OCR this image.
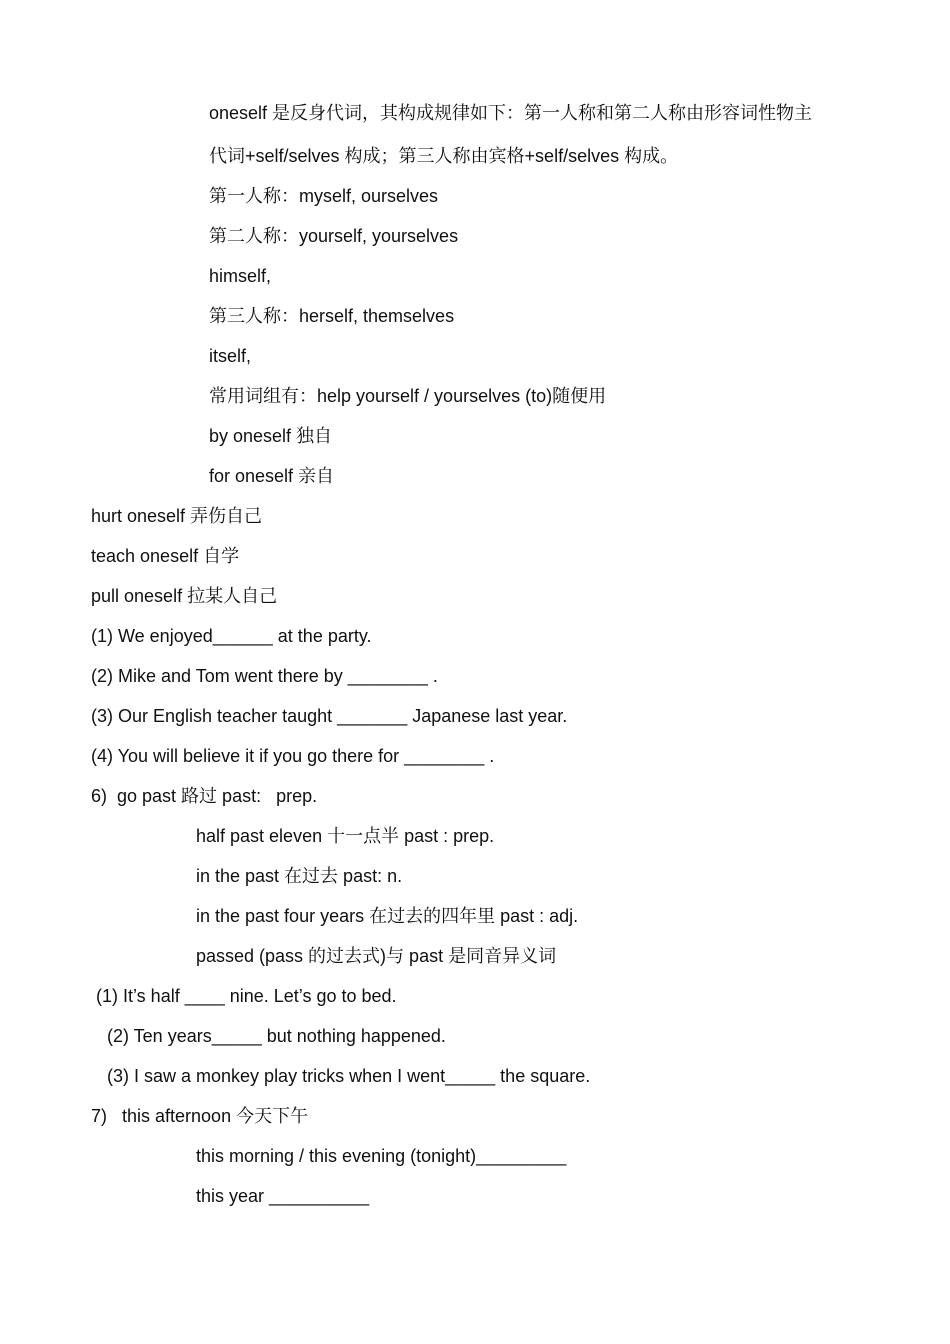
oneself 是反身代词，其构成规律如下：第一人称和第二人称由形容词性物主
代词+self/selves 构成；第三人称由宾格+self/selves 构成。
第一人称：myself, ourselves
第二人称：yourself, yourselves
himself,
第三人称：herself, themselves
itself,
常用词组有：help yourself / yourselves (to)随便用
by oneself 独自
for oneself 亲自
hurt oneself 弄伤自己
teach oneself 自学
pull oneself 拉某人自己
(1) We enjoyed______ at the party.
(2) Mike and Tom went there by ________ .
(3) Our English teacher taught _______ Japanese last year.
(4) You will believe it if you go there for ________ .
6)  go past 路过 past:   prep.
half past eleven 十一点半 past : prep.
in the past 在过去 past: n.
in the past four years 在过去的四年里 past : adj.
passed (pass 的过去式)与 past 是同音异义词
(1) It’s half ____ nine. Let’s go to bed.
(2) Ten years_____ but nothing happened.
(3) I saw a monkey play tricks when I went_____ the square.
7)   this afternoon 今天下午
this morning / this evening (tonight)_________
this year __________
